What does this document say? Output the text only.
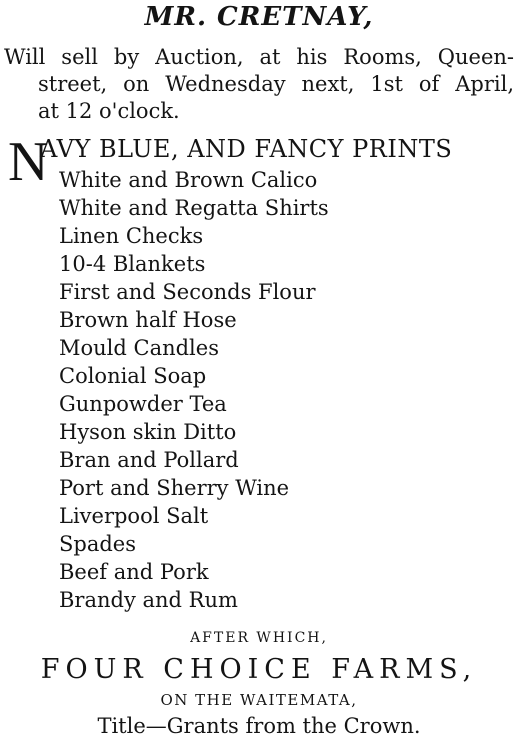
MR. CRETNAY,
Will sell by Auction, at his Rooms, Queen-
street, on Wednesday next, 1st of April,
at 12 o'clock.
N
AVY BLUE, AND FANCY PRINTS
White and Brown Calico
White and Regatta Shirts
Linen Checks
10-4 Blankets
First and Seconds Flour
Brown half Hose
Mould Candles
Colonial Soap
Gunpowder Tea
Hyson skin Ditto
Bran and Pollard
Port and Sherry Wine
Liverpool Salt
Spades
Beef and Pork
Brandy and Rum
AFTER WHICH,
FOUR CHOICE FARMS,
ON THE WAITEMATA,
Title—Grants from the Crown.
